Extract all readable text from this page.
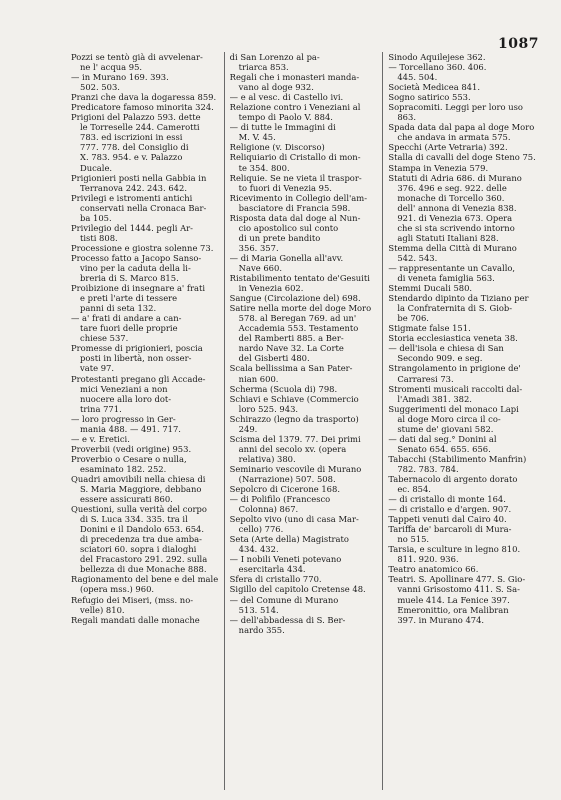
1087

Pozzi se tentò già di avvelenar-
ne l' acqua 95.

— in Murano 169. 393.
502. 503.

Pranzi che dava la dogaressa 859.

Predicatore famoso minorita 324.

Prigioni del Palazzo 593. dette
le Torreselle 244. Camerotti
783. ed iscrizioni in essi
777. 778. del Consiglio di
X. 783. 954. e v. Palazzo
Ducale.

Prigionieri posti nella Gabbia in
Terranova 242. 243. 642.

Privilegi e istromenti antichi
conservati nella Cronaca Bar-
ba 105.

Privilegio del 1444. pegli Ar-
tisti 808.

Processione e giostra solenne 73.

Processo fatto a Jacopo Sanso-
vino per la caduta della li-
breria di S. Marco 815.

Proibizione di insegnare a' frati
e preti l'arte di tessere
panni di seta 132.

— a' frati di andare a can-
tare fuori delle proprie
chiese 537.

Promesse di prigionieri, poscia
posti in libertà, non osser-
vate 97.

Protestanti pregano gli Accade-
mici Veneziani a non
nuocere alla loro dot-
trina 771.

— loro progresso in Ger-
mania 488. — 491. 717.

— e v. Eretici.

Proverbii (vedi origine) 953.

Proverbio o Cesare o nulla,
esaminato 182. 252.

Quadri amovibili nella chiesa di
S. Maria Maggiore, debbano
essere assicurati 860.

Questioni, sulla verità del corpo
di S. Luca 334. 335. tra il
Donini e il Dandolo 653. 654.
di precedenza tra due amba-
sciatori 60. sopra i dialoghi
del Fracastoro 291. 292. sulla
bellezza di due Monache 888.

Ragionamento del bene e del male
(opera mss.) 960.

Refugio dei Miseri, (mss. no-
velle) 810.

Regali mandati dalle monache

di San Lorenzo al pa-
triarca 853.

Regali che i monasteri manda-
vano al doge 932.

— e al vesc. di Castello ivi.

Relazione contro i Veneziani al
tempo di Paolo V. 884.

— di tutte le Immagini di
M. V. 45.

Religione (v. Discorso)

Reliquiario di Cristallo di mon-
te 354. 800.

Reliquie. Se ne vieta il traspor-
to fuori di Venezia 95.

Ricevimento in Collegio dell'am-
basciatore di Francia 598.

Risposta data dal doge al Nun-
cio apostolico sul conto
di un prete bandito
356. 357.

— di Maria Gonella all'avv.
Nave 660.

Ristabilimento tentato de'Gesuiti
in Venezia 602.

Sangue (Circolazione del) 698.

Satire nella morte del doge Moro
578. al Beregan 769. ad un'
Accademia 553. Testamento
del Ramberti 885. a Ber-
nardo Nave 32. La Corte
del Gisberti 480.

Scala bellissima a San Pater-
nian 600.

Scherma (Scuola di) 798.

Schiavi e Schiave (Commercio
loro 525. 943.

Schirazzo (legno da trasporto) 249.

Scisma del 1379. 77. Dei primi
anni del secolo xv. (opera
relativa) 380.

Seminario vescovile di Murano
(Narrazione) 507. 508.

Sepolcro di Cicerone 168.

— di Polifilo (Francesco
Colonna) 867.

Sepolto vivo (uno di casa Mar-
cello) 776.

Seta (Arte della) Magistrato
434. 432.

— I nobili Veneti potevano
esercitarla 434.

Sfera di cristallo 770.

Sigillo del capitolo Cretense 48.

— del Comune di Murano
513. 514.

— dell'abbadessa di S. Ber-
nardo 355.

Sinodo Aquilejese 362.

— Torcellano 360. 406.
445. 504.

Società Medicea 841.

Sogno satirico 553.

Sopracomiti. Leggi per loro uso
863.

Spada data dal papa al doge Moro
che andava in armata 575.

Specchi (Arte Vetraria) 392.

Stalla di cavalli del doge Steno 75.

Stampa in Venezia 579.

Statuti di Adria 686. di Murano
376. 496 e seg. 922. delle
monache di Torcello 360.
dell' annona di Venezia 838.
921. di Venezia 673. Opera
che si sta scrivendo intorno
agli Statuti Italiani 828.

Stemma della Città di Murano
542. 543.

— rappresentante un Cavallo,
di veneta famiglia 563.

Stemmi Ducali 580.

Stendardo dipinto da Tiziano per
la Confraternita di S. Giob-
be 706.

Stigmate false 151.

Storia ecclesiastica veneta 38.

— dell'isola e chiesa di San
Secondo 909. e seg.

Strangolamento in prigione de'
Carraresi 73.

Stromenti musicali raccolti dal-
l'Amadi 381. 382.

Suggerimenti del monaco Lapi
al doge Moro circa il co-
stume de' giovani 582.

— dati dal seg.° Donini al
Senato 654. 655. 656.

Tabacchi (Stabilimento Manfrin)
782. 783. 784.

Tabernacolo di argento dorato
ec. 854.

— di cristallo di monte 164.

— di cristallo e d'argen. 907.

Tappeti venuti dal Cairo 40.

Tariffa de' barcaroli di Mura-
no 515.

Tarsia, e sculture in legno 810.
811. 920. 936.

Teatro anatomico 66.

Teatri. S. Apollinare 477. S. Gio-
vanni Grisostomo 411. S. Sa-
muele 414. La Fenice 397.
Emeronittio, ora Malibran
397. in Murano 474.
